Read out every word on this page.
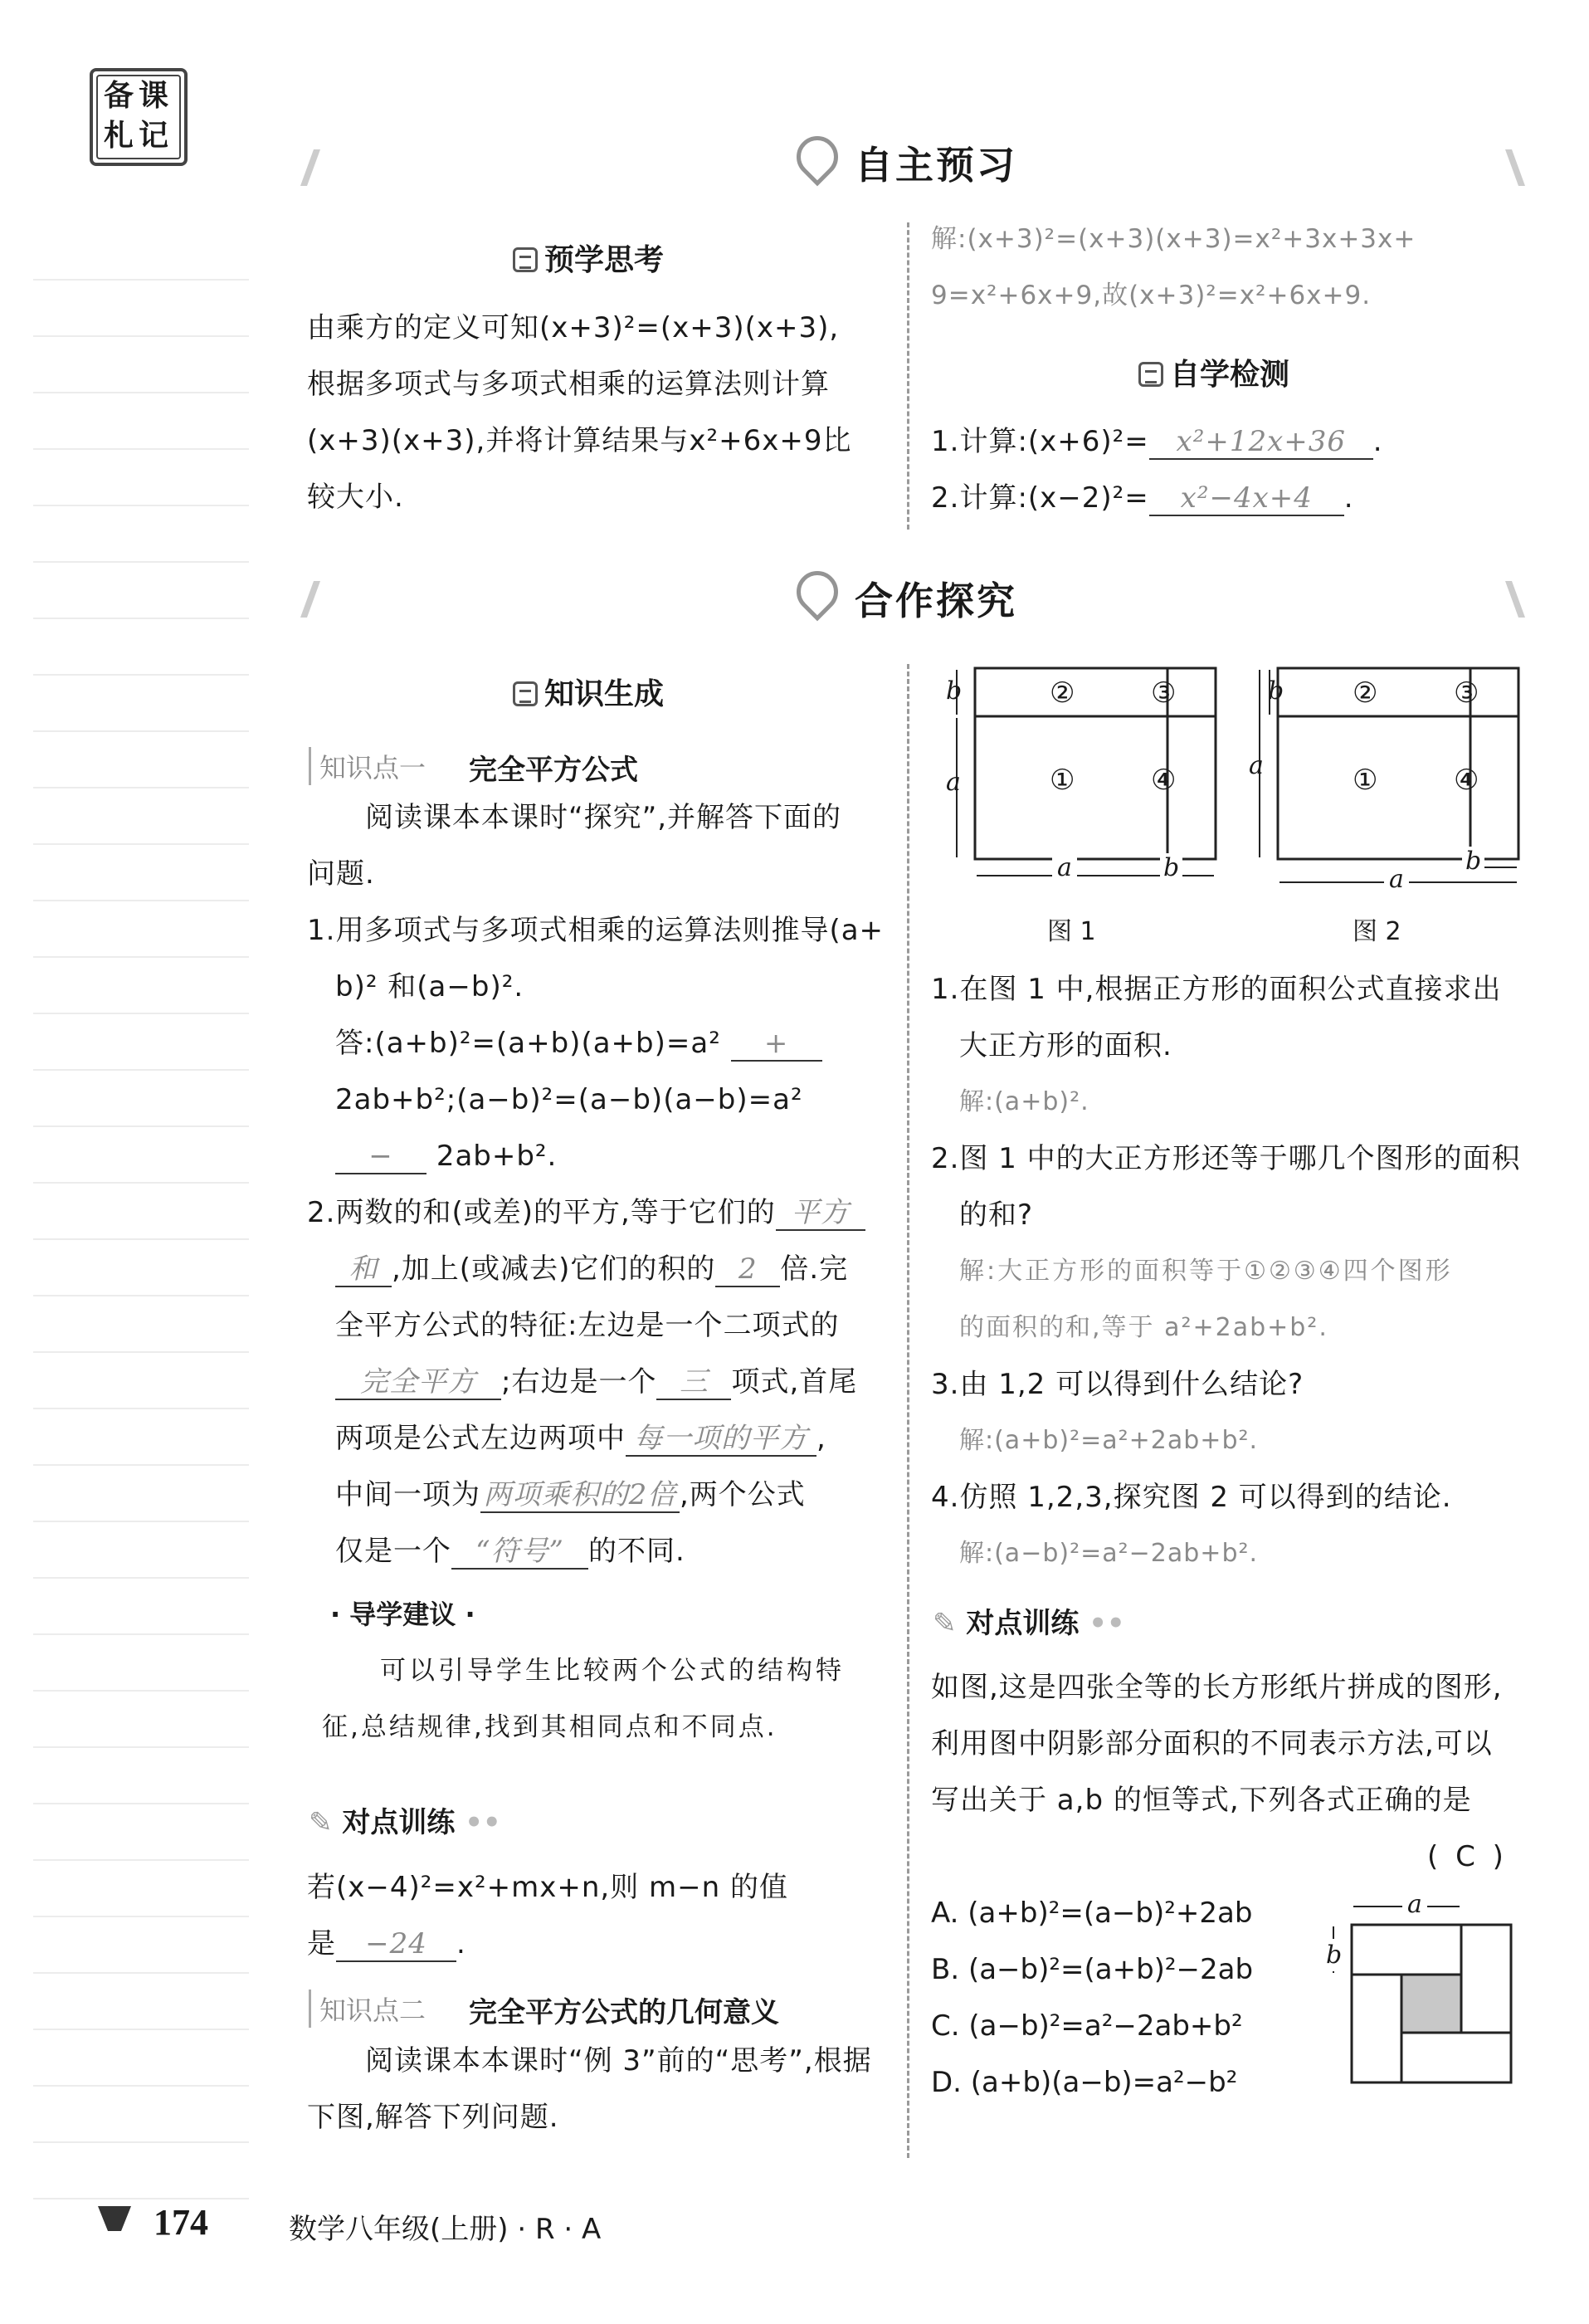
备课
札记
自主预习
预学思考
由乘方的定义可知(x+3)²=(x+3)(x+3),
根据多项式与多项式相乘的运算法则计算
(x+3)(x+3),并将计算结果与x²+6x+9比
较大小.
解:(x+3)²=(x+3)(x+3)=x²+3x+3x+
9=x²+6x+9,故(x+3)²=x²+6x+9.
自学检测
1.计算:(x+6)²= x²+12x+36 .
2.计算:(x−2)²= x²−4x+4 .
合作探究
知识生成
知识点一 完全平方公式
阅读课本本课时“探究”,并解答下面的
问题.
1.用多项式与多项式相乘的运算法则推导(a+
b)² 和(a−b)².
答:(a+b)²=(a+b)(a+b)=a² +
2ab+b²;(a−b)²=(a−b)(a−b)=a²
− 2ab+b².
2.两数的和(或差)的平方,等于它们的 平方
和 ,加上(或减去)它们的积的 2 倍.完
全平方公式的特征:左边是一个二项式的
完全平方 ;右边是一个 三 项式,首尾
两项是公式左边两项中 每一项的平方 ,
中间一项为 两项乘积的2倍 ,两个公式
仅是一个 “符号” 的不同.
· 导学建议 ·
可以引导学生比较两个公式的结构特
征,总结规律,找到其相同点和不同点.
✎ 对点训练 ••
若(x−4)²=x²+mx+n,则 m−n 的值
是 −24 .
知识点二 完全平方公式的几何意义
阅读课本本课时“例 3”前的“思考”,根据
下图,解答下列问题.
b
a
②	③
①	④
a	b
图 1
b
a
②	③
①	④
b
a
图 2
1.在图 1 中,根据正方形的面积公式直接求出
大正方形的面积.
解:(a+b)².
2.图 1 中的大正方形还等于哪几个图形的面积
的和?
解:大正方形的面积等于①②③④四个图形
的面积的和,等于 a²+2ab+b².
3.由 1,2 可以得到什么结论?
解:(a+b)²=a²+2ab+b².
4.仿照 1,2,3,探究图 2 可以得到的结论.
解:(a−b)²=a²−2ab+b².
✎ 对点训练 ••
如图,这是四张全等的长方形纸片拼成的图形,
利用图中阴影部分面积的不同表示方法,可以
写出关于 a,b 的恒等式,下列各式正确的是
( C )
A. (a+b)²=(a−b)²+2ab
B. (a−b)²=(a+b)²−2ab
C. (a−b)²=a²−2ab+b²
D. (a+b)(a−b)=a²−b²
a
b
174	数学八年级(上册) · R · A
